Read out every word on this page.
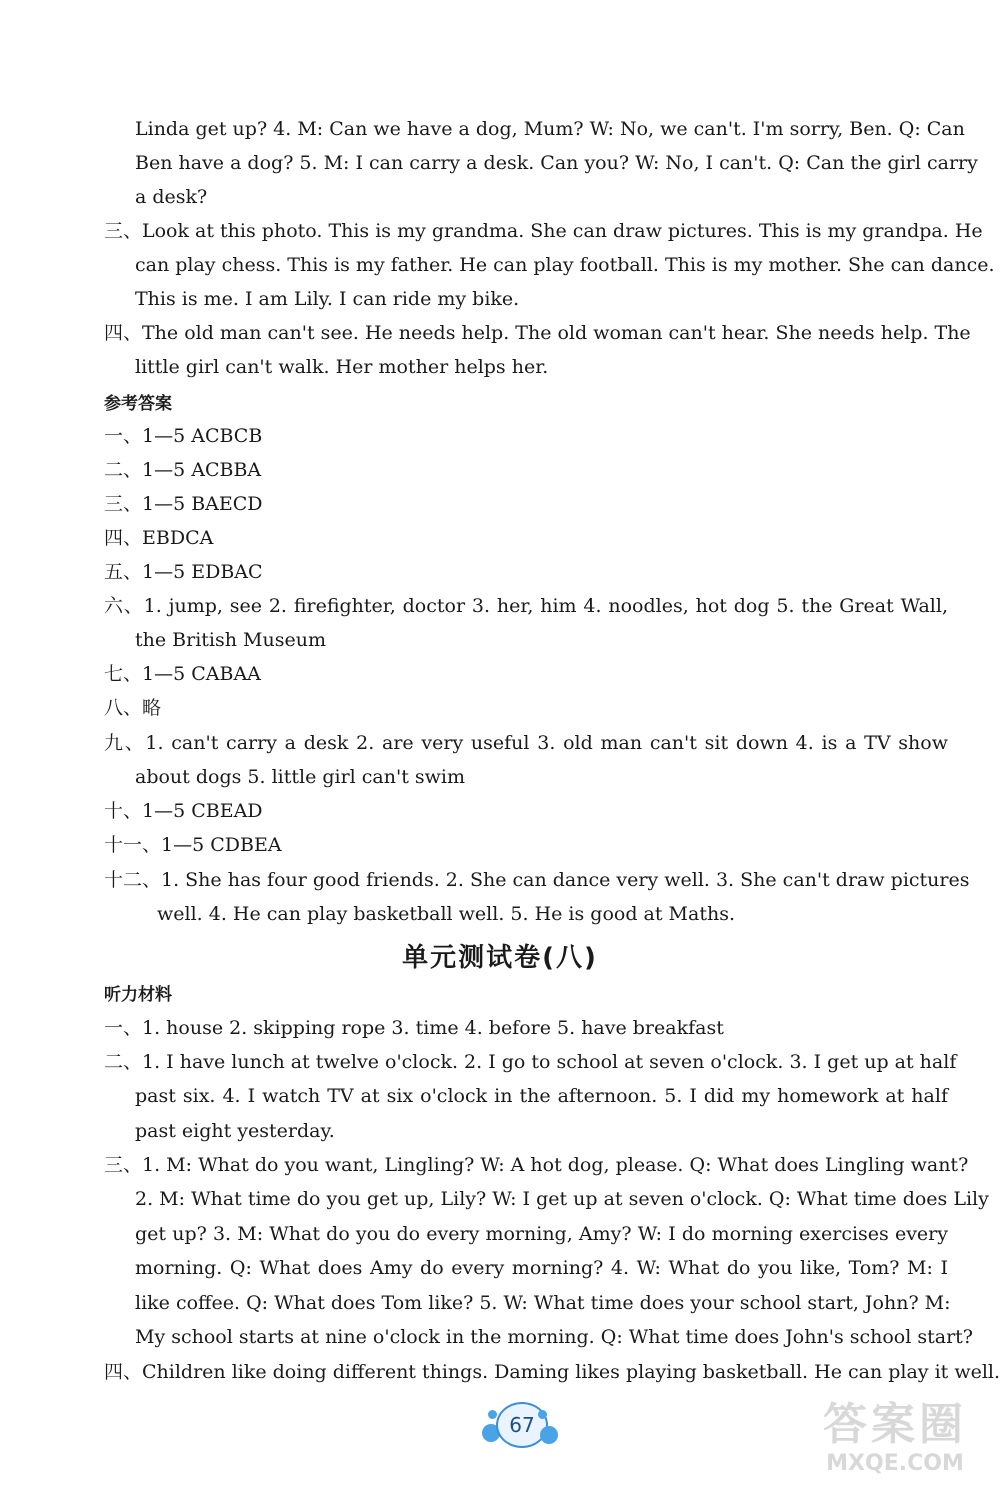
Linda get up? 4. M: Can we have a dog, Mum? W: No, we can't. I'm sorry, Ben. Q: Can
Ben have a dog? 5. M: I can carry a desk. Can you? W: No, I can't. Q: Can the girl carry
a desk?
三、Look at this photo. This is my grandma. She can draw pictures. This is my grandpa. He
can play chess. This is my father. He can play football. This is my mother. She can dance.
This is me. I am Lily. I can ride my bike.
四、The old man can't see. He needs help. The old woman can't hear. She needs help. The
little girl can't walk. Her mother helps her.
参考答案
一、1—5 ACBCB
二、1—5 ACBBA
三、1—5 BAECD
四、EBDCA
五、1—5 EDBAC
六、1. jump, see 2. firefighter, doctor 3. her, him 4. noodles, hot dog 5. the Great Wall,
the British Museum
七、1—5 CABAA
八、略
九、1. can't carry a desk 2. are very useful 3. old man can't sit down 4. is a TV show
about dogs 5. little girl can't swim
十、1—5 CBEAD
十一、1—5 CDBEA
十二、1. She has four good friends. 2. She can dance very well. 3. She can't draw pictures
well. 4. He can play basketball well. 5. He is good at Maths.
单元测试卷(八)
听力材料
一、1. house 2. skipping rope 3. time 4. before 5. have breakfast
二、1. I have lunch at twelve o'clock. 2. I go to school at seven o'clock. 3. I get up at half
past six. 4. I watch TV at six o'clock in the afternoon. 5. I did my homework at half
past eight yesterday.
三、1. M: What do you want, Lingling? W: A hot dog, please. Q: What does Lingling want?
2. M: What time do you get up, Lily? W: I get up at seven o'clock. Q: What time does Lily
get up? 3. M: What do you do every morning, Amy? W: I do morning exercises every
morning. Q: What does Amy do every morning? 4. W: What do you like, Tom? M: I
like coffee. Q: What does Tom like? 5. W: What time does your school start, John? M:
My school starts at nine o'clock in the morning. Q: What time does John's school start?
四、Children like doing different things. Daming likes playing basketball. He can play it well.
67	答案圈
MXQE.COM
